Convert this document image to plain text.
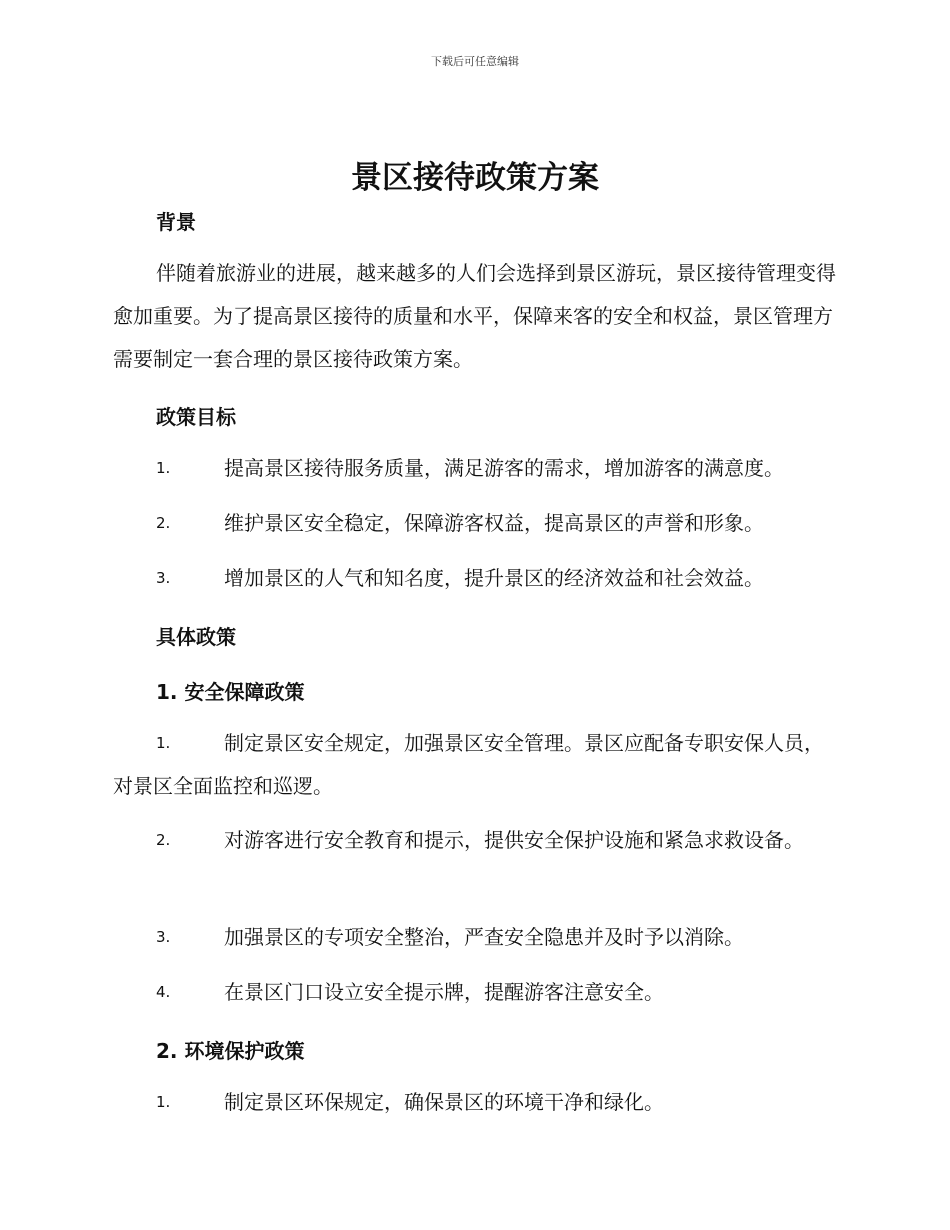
下载后可任意编辑
景区接待政策方案
背景

伴随着旅游业的进展，越来越多的人们会选择到景区游玩，景区接待管理变得愈加重要。为了提高景区接待的质量和水平，保障来客的安全和权益，景区管理方需要制定一套合理的景区接待政策方案。

政策目标
1.	提高景区接待服务质量，满足游客的需求，增加游客的满意度。
2.	维护景区安全稳定，保障游客权益，提高景区的声誉和形象。
3.	增加景区的人气和知名度，提升景区的经济效益和社会效益。
具体政策
1. 安全保障政策
1.	制定景区安全规定，加强景区安全管理。景区应配备专职安保人员，对景区全面监控和巡逻。
2.	对游客进行安全教育和提示，提供安全保护设施和紧急求救设备。
3.	加强景区的专项安全整治，严查安全隐患并及时予以消除。
4.	在景区门口设立安全提示牌，提醒游客注意安全。
2. 环境保护政策
1.	制定景区环保规定，确保景区的环境干净和绿化。
